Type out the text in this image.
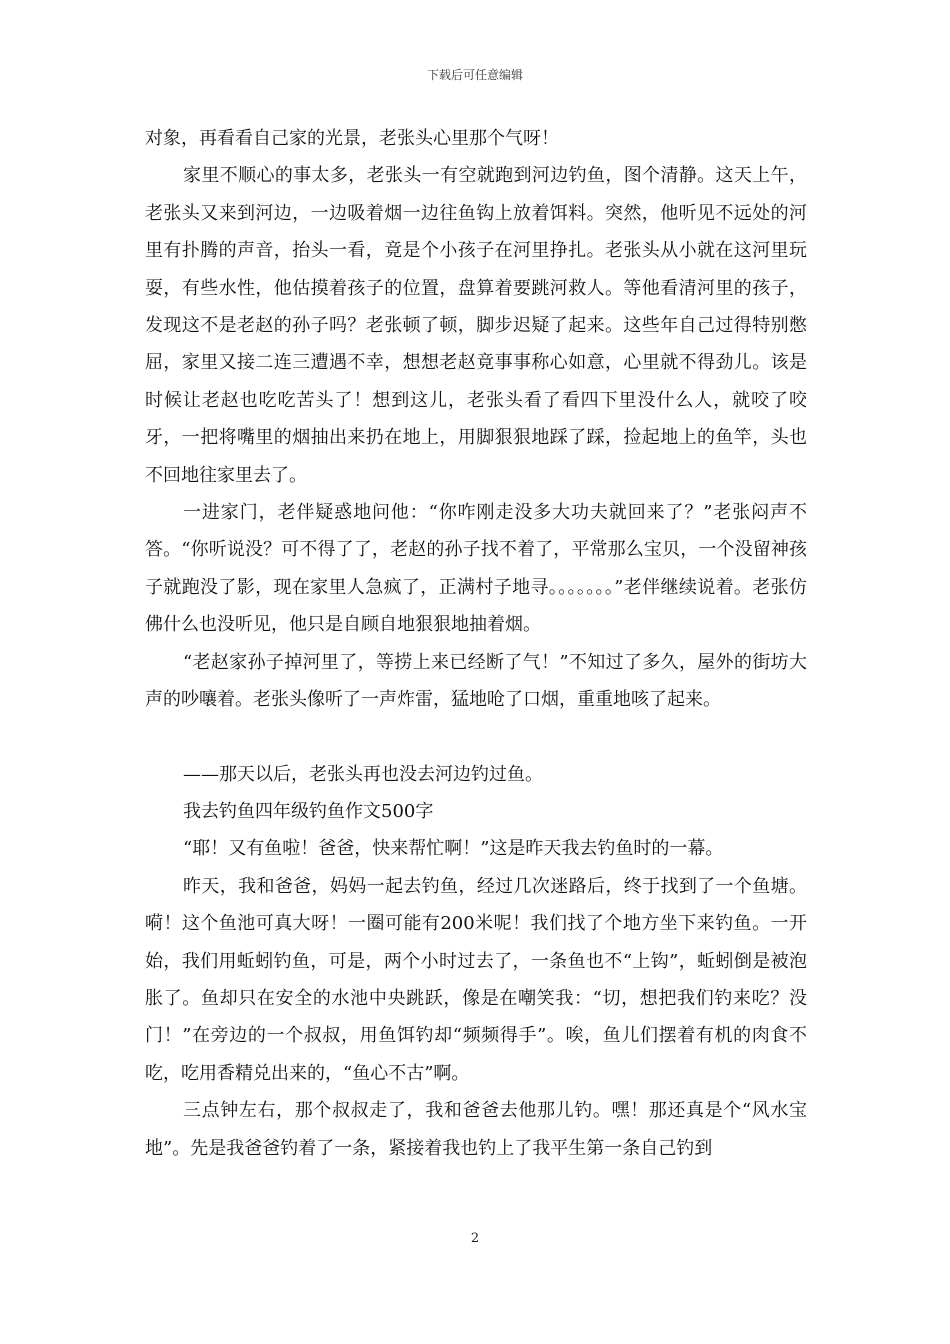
下载后可任意编辑

对象，再看看自己家的光景，老张头心里那个气呀！

家里不顺心的事太多，老张头一有空就跑到河边钓鱼，图个清静。这天上午，老张头又来到河边，一边吸着烟一边往鱼钩上放着饵料。突然，他听见不远处的河里有扑腾的声音，抬头一看，竟是个小孩子在河里挣扎。老张头从小就在这河里玩耍，有些水性，他估摸着孩子的位置，盘算着要跳河救人。等他看清河里的孩子，发现这不是老赵的孙子吗？老张顿了顿，脚步迟疑了起来。这些年自己过得特别憋屈，家里又接二连三遭遇不幸，想想老赵竟事事称心如意，心里就不得劲儿。该是时候让老赵也吃吃苦头了！想到这儿，老张头看了看四下里没什么人，就咬了咬牙，一把将嘴里的烟抽出来扔在地上，用脚狠狠地踩了踩，捡起地上的鱼竿，头也不回地往家里去了。

一进家门，老伴疑惑地问他：“你咋刚走没多大功夫就回来了？”老张闷声不答。“你听说没？可不得了了，老赵的孙子找不着了，平常那么宝贝，一个没留神孩子就跑没了影，现在家里人急疯了，正满村子地寻。。。。。。。”老伴继续说着。老张仿佛什么也没听见，他只是自顾自地狠狠地抽着烟。

“老赵家孙子掉河里了，等捞上来已经断了气！”不知过了多久，屋外的街坊大声的吵嚷着。老张头像听了一声炸雷，猛地呛了口烟，重重地咳了起来。

——那天以后，老张头再也没去河边钓过鱼。

我去钓鱼四年级钓鱼作文500字

“耶！又有鱼啦！爸爸，快来帮忙啊！”这是昨天我去钓鱼时的一幕。

昨天，我和爸爸，妈妈一起去钓鱼，经过几次迷路后，终于找到了一个鱼塘。嗬！这个鱼池可真大呀！一圈可能有200米呢！我们找了个地方坐下来钓鱼。一开始，我们用蚯蚓钓鱼，可是，两个小时过去了，一条鱼也不“上钩”，蚯蚓倒是被泡胀了。鱼却只在安全的水池中央跳跃，像是在嘲笑我：“切，想把我们钓来吃？没门！”在旁边的一个叔叔，用鱼饵钓却“频频得手”。唉，鱼儿们摆着有机的肉食不吃，吃用香精兑出来的，“鱼心不古”啊。

三点钟左右，那个叔叔走了，我和爸爸去他那儿钓。嘿！那还真是个“风水宝地”。先是我爸爸钓着了一条，紧接着我也钓上了我平生第一条自己钓到

2
